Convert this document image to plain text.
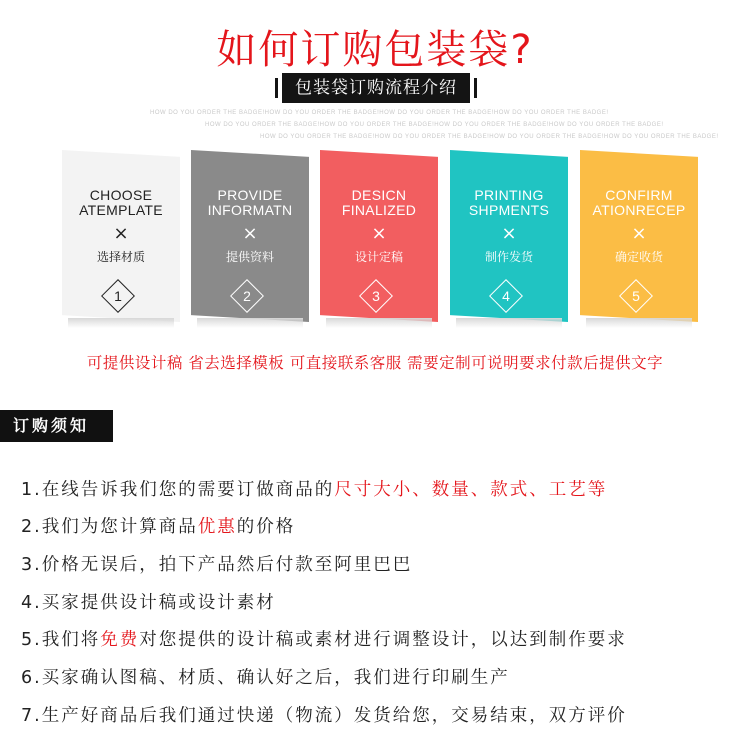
如何订购包装袋?
包装袋订购流程介绍
HOW DO YOU ORDER THE BADGE!HOW DO YOU ORDER THE BADGE!HOW DO YOU ORDER THE BADGE!HOW DO YOU ORDER THE BADGE!
HOW DO YOU ORDER THE BADGE!HOW DO YOU ORDER THE BADGE!HOW DO YOU ORDER THE BADGE!HOW DO YOU ORDER THE BADGE!
HOW DO YOU ORDER THE BADGE!HOW DO YOU ORDER THE BADGE!HOW DO YOU ORDER THE BADGE!HOW DO YOU ORDER THE BADGE!
CHOOSE
ATEMPLATE
×
选择材质
1
PROVIDE
INFORMATN
×
提供资料
2
DESICN
FINALIZED
×
设计定稿
3
PRINTING
SHPMENTS
×
制作发货
4
CONFIRM
ATIONRECEP
×
确定收货
5
可提供设计稿 省去选择模板 可直接联系客服 需要定制可说明要求付款后提供文字
订购须知
1.在线告诉我们您的需要订做商品的尺寸大小、数量、款式、工艺等
2.我们为您计算商品优惠的价格
3.价格无误后，拍下产品然后付款至阿里巴巴
4.买家提供设计稿或设计素材
5.我们将免费对您提供的设计稿或素材进行调整设计，以达到制作要求
6.买家确认图稿、材质、确认好之后，我们进行印刷生产
7.生产好商品后我们通过快递（物流）发货给您，交易结束，双方评价
